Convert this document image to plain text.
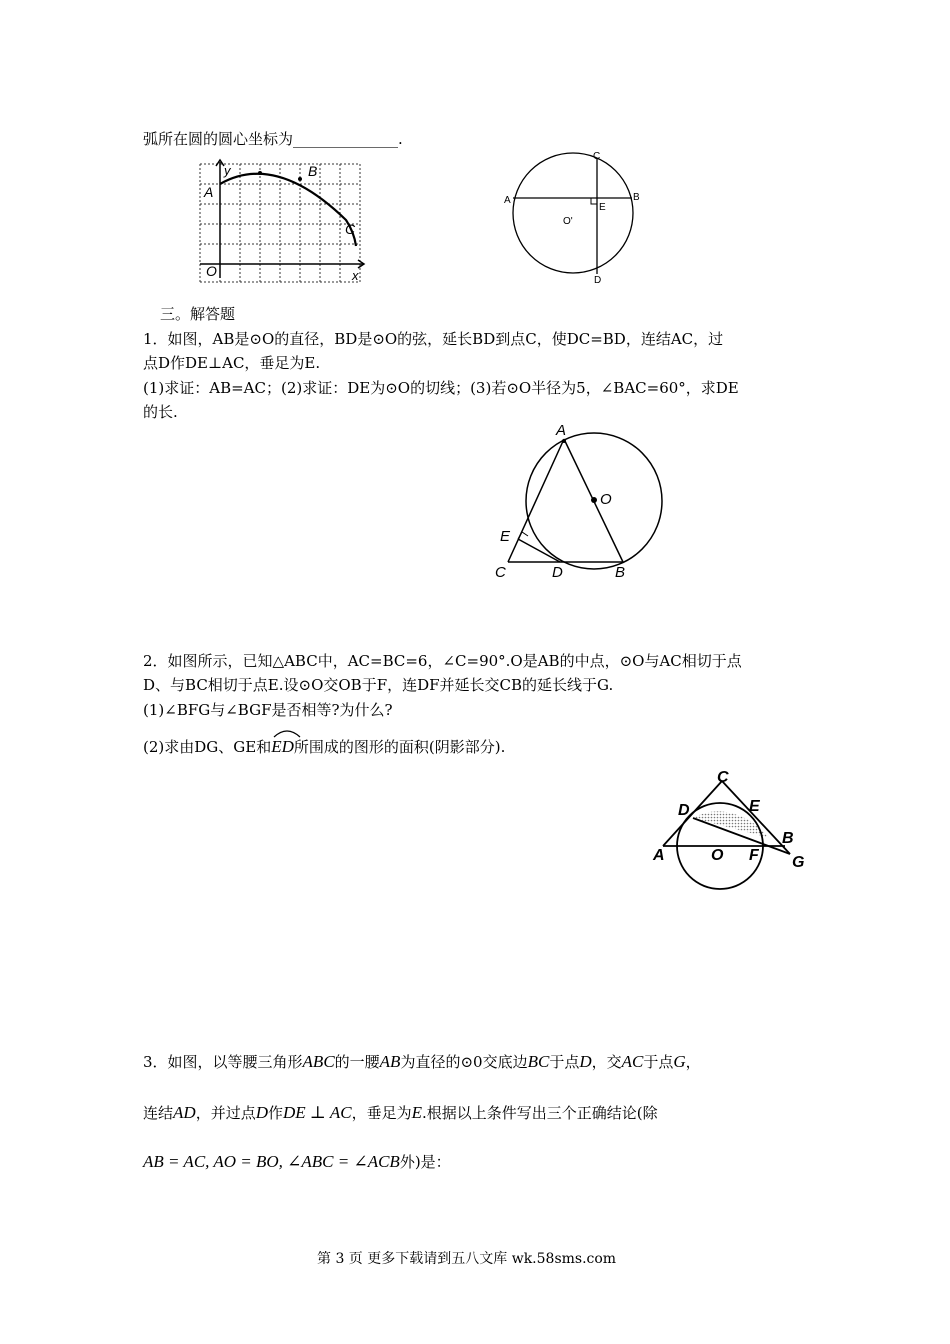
弧所在圆的圆心坐标为______________.
y
A
B
C
O	x
A	B
C
D
E
O'
三。解答题
1．如图，AB是⊙O的直径，BD是⊙O的弦，延长BD到点C，使DC=BD，连结AC，过
点D作DE⊥AC，垂足为E.
(1)求证：AB=AC；(2)求证：DE为⊙O的切线；(3)若⊙O半径为5，∠BAC=60°，求DE
的长.
A
O
E
C	D	B
2．如图所示，已知△ABC中，AC=BC=6，∠C=90°.O是AB的中点，⊙O与AC相切于点
D、与BC相切于点E.设⊙O交OB于F，连DF并延长交CB的延长线于G.
(1)∠BFG与∠BGF是否相等?为什么?
(2)求由DG、GE和
ED所围成的图形的面积(阴影部分).
C
D	E
B
A	O F G
3．如图，以等腰三角形ABC的一腰AB为直径的⊙0交底边BC于点D，交AC于点G，
连结AD，并过点D作DE ⊥ AC，垂足为E.根据以上条件写出三个正确结论(除
AB = AC, AO = BO, ∠ABC = ∠ACB外)是：
第 3 页 更多下载请到五八文库 wk.58sms.com
